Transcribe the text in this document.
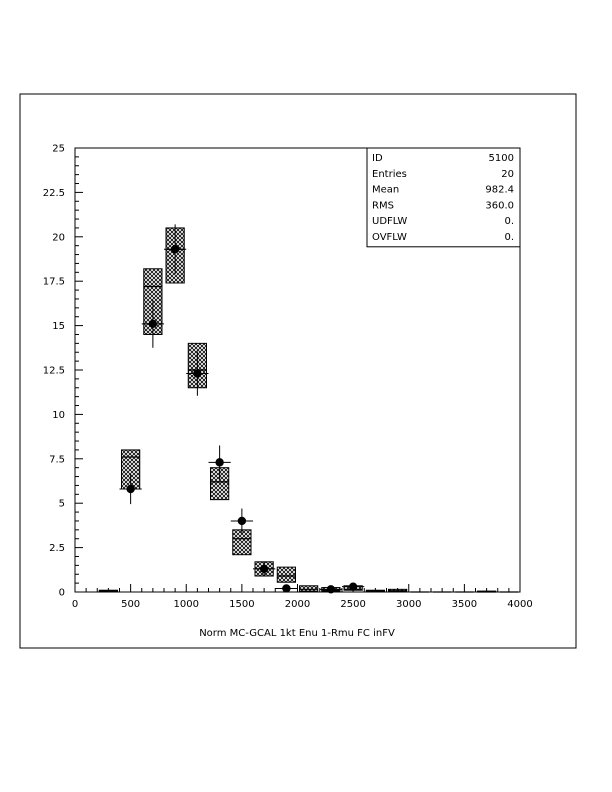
0
2.5
5
7.5
10
12.5
15
17.5
20
22.5
25
0	500	1000	1500	2000	2500	3000	3500	4000
ID	5100
Entries	20
Mean	982.4
RMS	360.0
UDFLW	0.
OVFLW	0.
Norm MC-GCAL 1kt Enu 1-Rmu FC inFV
